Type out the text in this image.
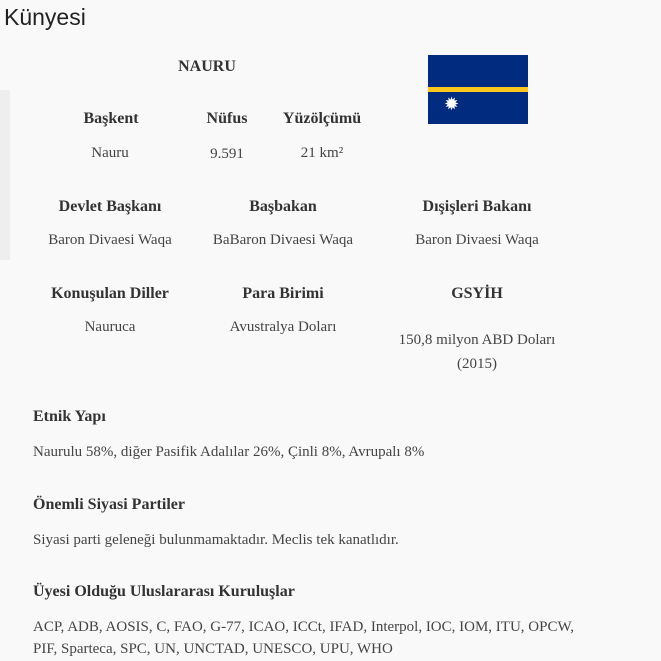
Künyesi
NAURU
✹
Başkent
Nauru
Nüfus
9.591
Yüzölçümü
21 km²
Devlet Başkanı
Baron Divaesi Waqa
Başbakan
BaBaron Divaesi Waqa
Dışişleri Bakanı
Baron Divaesi Waqa
Konuşulan Diller
Nauruca
Para Birimi
Avustralya Doları
GSYİH
150,8 milyon ABD Doları
(2015)
Etnik Yapı
Naurulu 58%, diğer Pasifik Adalılar 26%, Çinli 8%, Avrupalı 8%
Önemli Siyasi Partiler
Siyasi parti geleneği bulunmamaktadır. Meclis tek kanatlıdır.
Üyesi Olduğu Uluslararası Kuruluşlar
ACP, ADB, AOSIS, C, FAO, G-77, ICAO, ICCt, IFAD, Interpol, IOC, IOM, ITU, OPCW, PIF, Sparteca, SPC, UN, UNCTAD, UNESCO, UPU, WHO
